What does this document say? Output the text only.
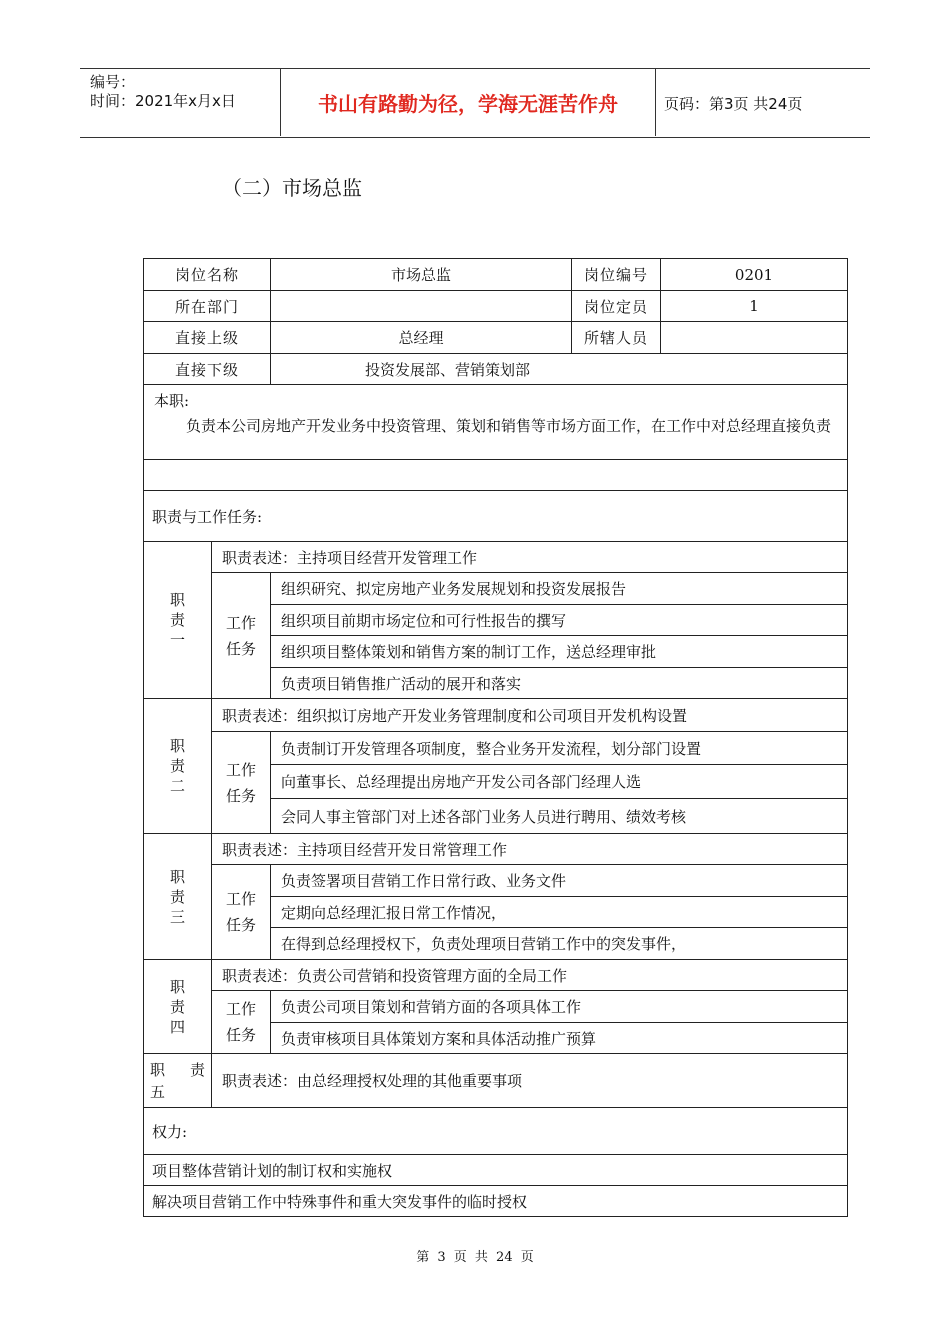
编号：
时间：2021年x月x日	书山有路勤为径，学海无涯苦作舟	页码：第3页 共24页
（二）市场总监
岗位名称		市场总监	岗位编号	0201
所在部门			岗位定员	1
直接上级		总经理	所辖人员	
直接下级		投资发展部、营销策划部		

本职:
负责本公司房地产开发业务中投资管理、策划和销售等市场方面工作，在工作中对总经理直接负责				

职责与工作任务:				

职
责
一	职责表述：主持项目经营开发管理工作			

	工作
任务	组织研究、拟定房地产业务发展规划和投资发展报告		
		组织项目前期市场定位和可行性报告的撰写		
		组织项目整体策划和销售方案的制订工作，送总经理审批		
		负责项目销售推广活动的展开和落实		

职
责
二	职责表述：组织拟订房地产开发业务管理制度和公司项目开发机构设置			

	工作
任务	负责制订开发管理各项制度，整合业务开发流程，划分部门设置		
		向董事长、总经理提出房地产开发公司各部门经理人选		
		会同人事主管部门对上述各部门业务人员进行聘用、绩效考核		

职
责
三	职责表述：主持项目经营开发日常管理工作			

	工作
任务	负责签署项目营销工作日常行政、业务文件		
		定期向总经理汇报日常工作情况，		
		在得到总经理授权下，负责处理项目营销工作中的突发事件，		

职
责
四	职责表述：负责公司营销和投资管理方面的全局工作			

	工作
任务	负责公司项目策划和营销方面的各项具体工作		
		负责审核项目具体策划方案和具体活动推广预算		

职 责
五	职责表述：由总经理授权处理的其他重要事项			
权力:				
项目整体营销计划的制订权和实施权				
解决项目营销工作中特殊事件和重大突发事件的临时授权				
第 3 页 共 24 页
